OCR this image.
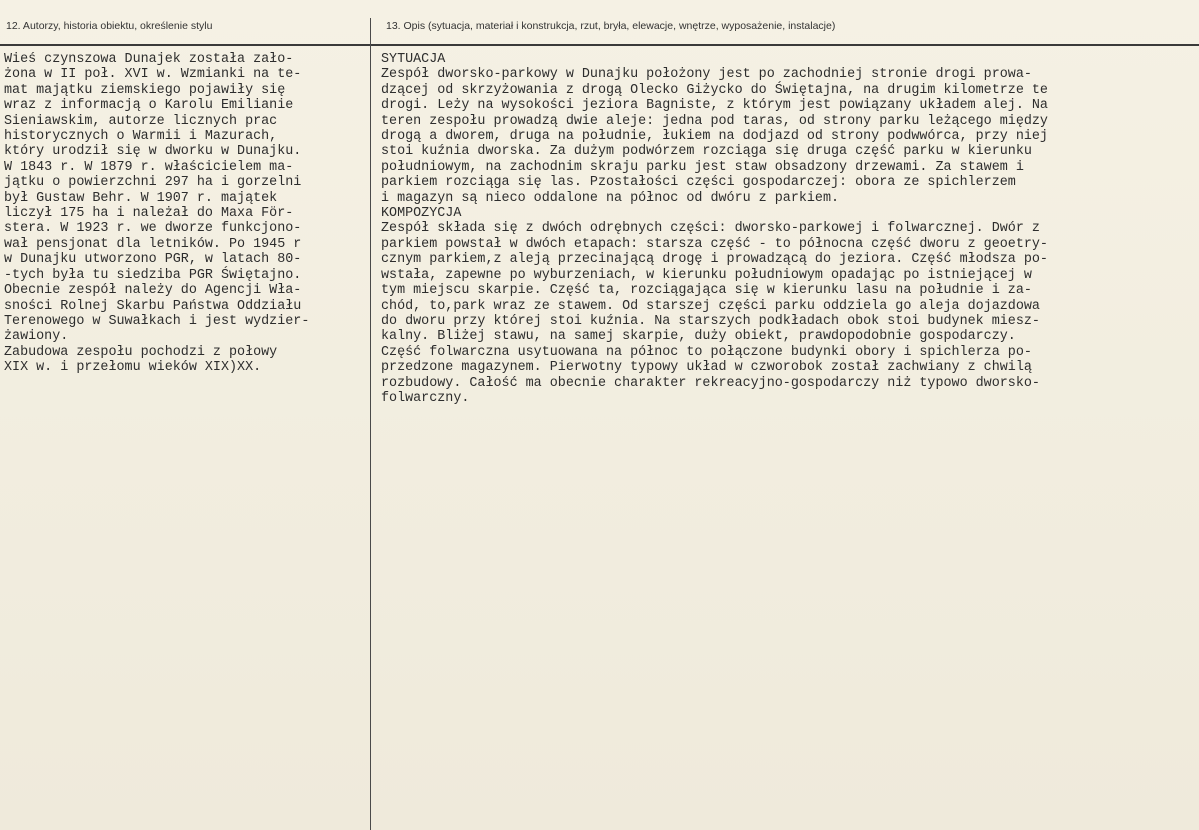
12. Autorzy, historia obiektu, określenie stylu	13. Opis (sytuacja, materiał i konstrukcja, rzut, bryła, elewacje, wnętrze, wyposażenie, instalacje)
Wieś czynszowa Dunajek została zało-
żona w II poł. XVI w. Wzmianki na te-
mat majątku ziemskiego pojawiły się
wraz z informacją o Karolu Emilianie
Sieniawskim, autorze licznych prac
historycznych o Warmii i Mazurach,
który urodził się w dworku w Dunajku.
W 1843 r. W 1879 r. właścicielem ma-
jątku o powierzchni 297 ha i gorzelni
był Gustaw Behr. W 1907 r. majątek
liczył 175 ha i należał do Maxa För-
stera. W 1923 r. we dworze funkcjono-
wał pensjonat dla letników. Po 1945 r
w Dunajku utworzono PGR, w latach 80-
-tych była tu siedziba PGR Świętajno.
Obecnie zespół należy do Agencji Wła-
sności Rolnej Skarbu Państwa Oddziału
Terenowego w Suwałkach i jest wydzier-
żawiony.
Zabudowa zespołu pochodzi z połowy
XIX w. i przełomu wieków XIX)XX.
SYTUACJA
Zespół dworsko-parkowy w Dunajku położony jest po zachodniej stronie drogi prowa-
dzącej od skrzyżowania z drogą Olecko Giżycko do Świętajna, na drugim kilometrze te
drogi. Leży na wysokości jeziora Bagniste, z którym jest powiązany układem alej. Na
teren zespołu prowadzą dwie aleje: jedna pod taras, od strony parku leżącego między
drogą a dworem, druga na południe, łukiem na dodjazd od strony podwwórca, przy niej
stoi kuźnia dworska. Za dużym podwórzem rozciąga się druga część parku w kierunku
południowym, na zachodnim skraju parku jest staw obsadzony drzewami. Za stawem i
parkiem rozciąga się las. Pzostałości części gospodarczej: obora ze spichlerzem
i magazyn są nieco oddalone na północ od dwóru z parkiem.
KOMPOZYCJA
Zespół składa się z dwóch odrębnych części: dworsko-parkowej i folwarcznej. Dwór z
parkiem powstał w dwóch etapach: starsza część - to północna część dworu z geoetry-
cznym parkiem,z aleją przecinającą drogę i prowadzącą do jeziora. Część młodsza po-
wstała, zapewne po wyburzeniach, w kierunku południowym opadając po istniejącej w
tym miejscu skarpie. Część ta, rozciągająca się w kierunku lasu na południe i za-
chód, to,park wraz ze stawem. Od starszej części parku oddziela go aleja dojazdowa
do dworu przy której stoi kuźnia. Na starszych podkładach obok stoi budynek miesz-
kalny. Bliżej stawu, na samej skarpie, duży obiekt, prawdopodobnie gospodarczy.
Część folwarczna usytuowana na północ to połączone budynki obory i spichlerza po-
przedzone magazynem. Pierwotny typowy układ w czworobok został zachwiany z chwilą
rozbudowy. Całość ma obecnie charakter rekreacyjno-gospodarczy niż typowo dworsko-
folwarczny.
